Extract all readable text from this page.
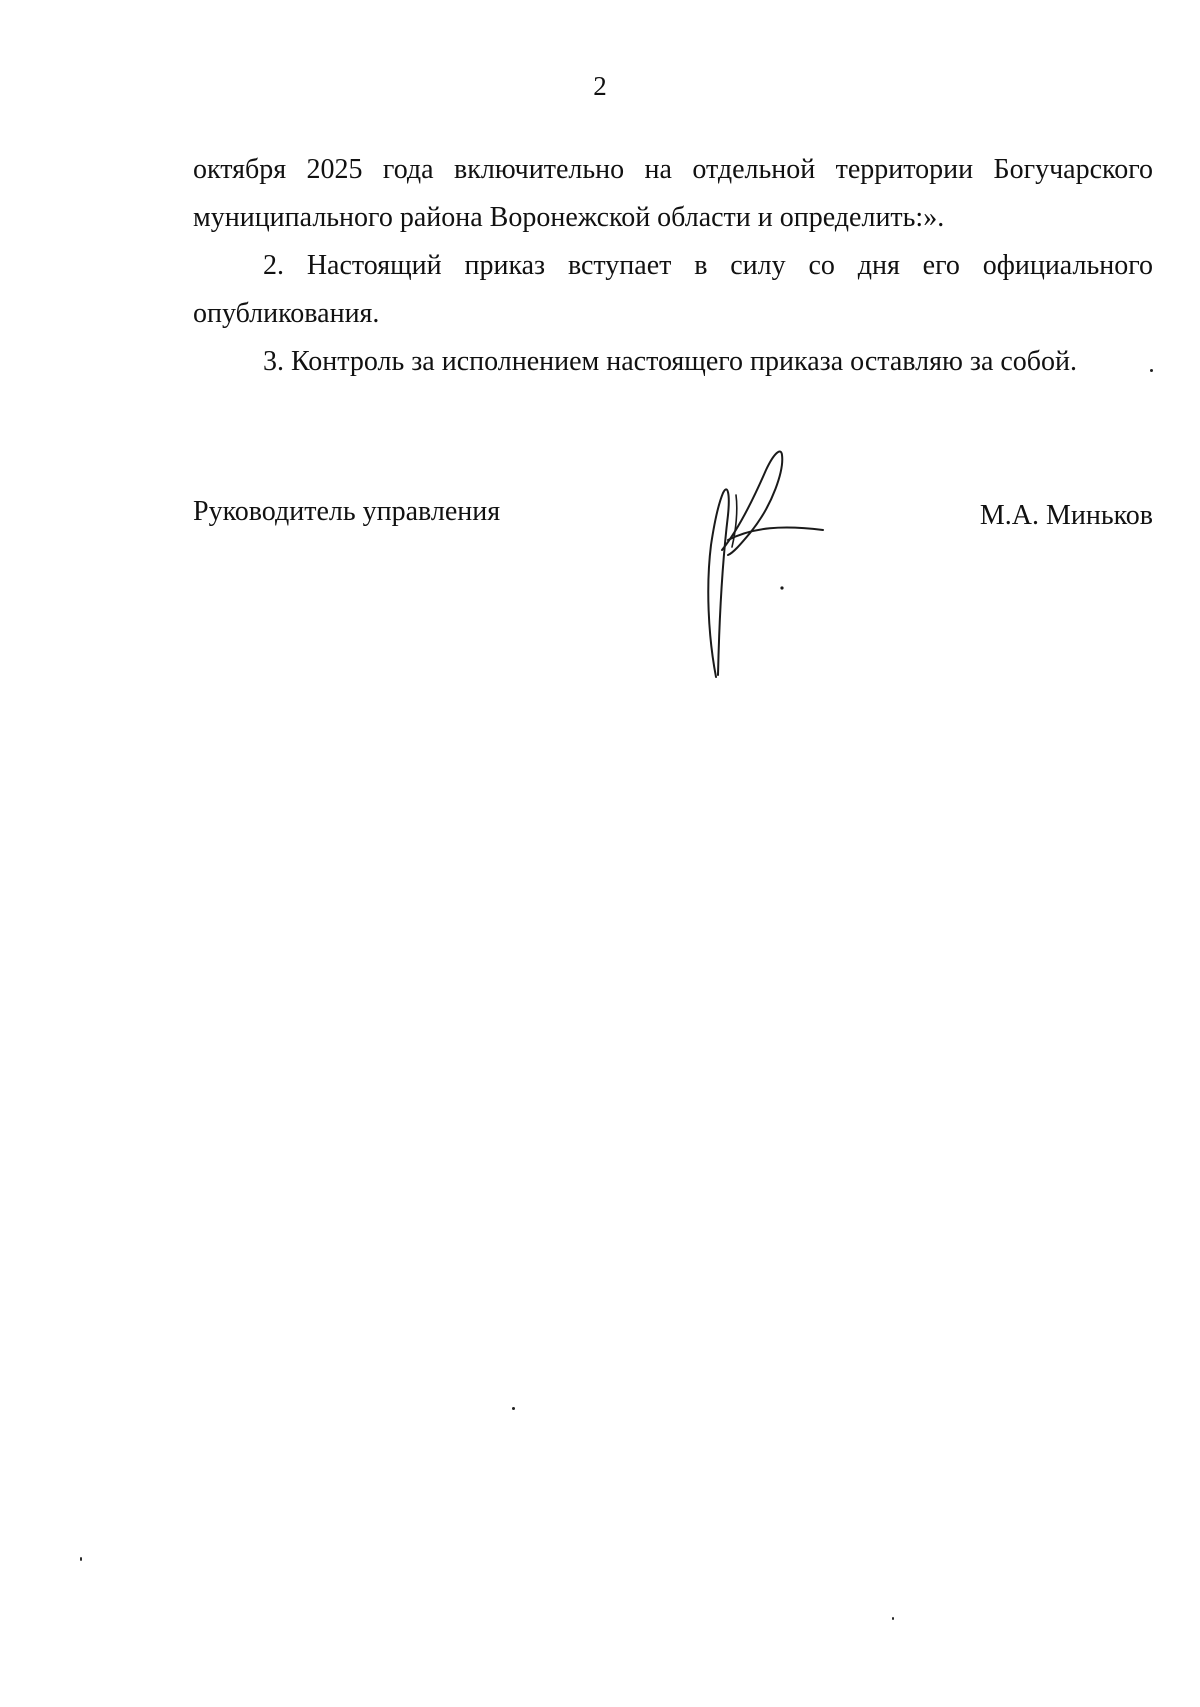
2

октября 2025 года включительно на отдельной территории Богучарского муниципального района Воронежской области и определить:».

2. Настоящий приказ вступает в силу со дня его официального опубликования.

3. Контроль за исполнением настоящего приказа оставляю за собой.

Руководитель управления	М.А. Миньков
